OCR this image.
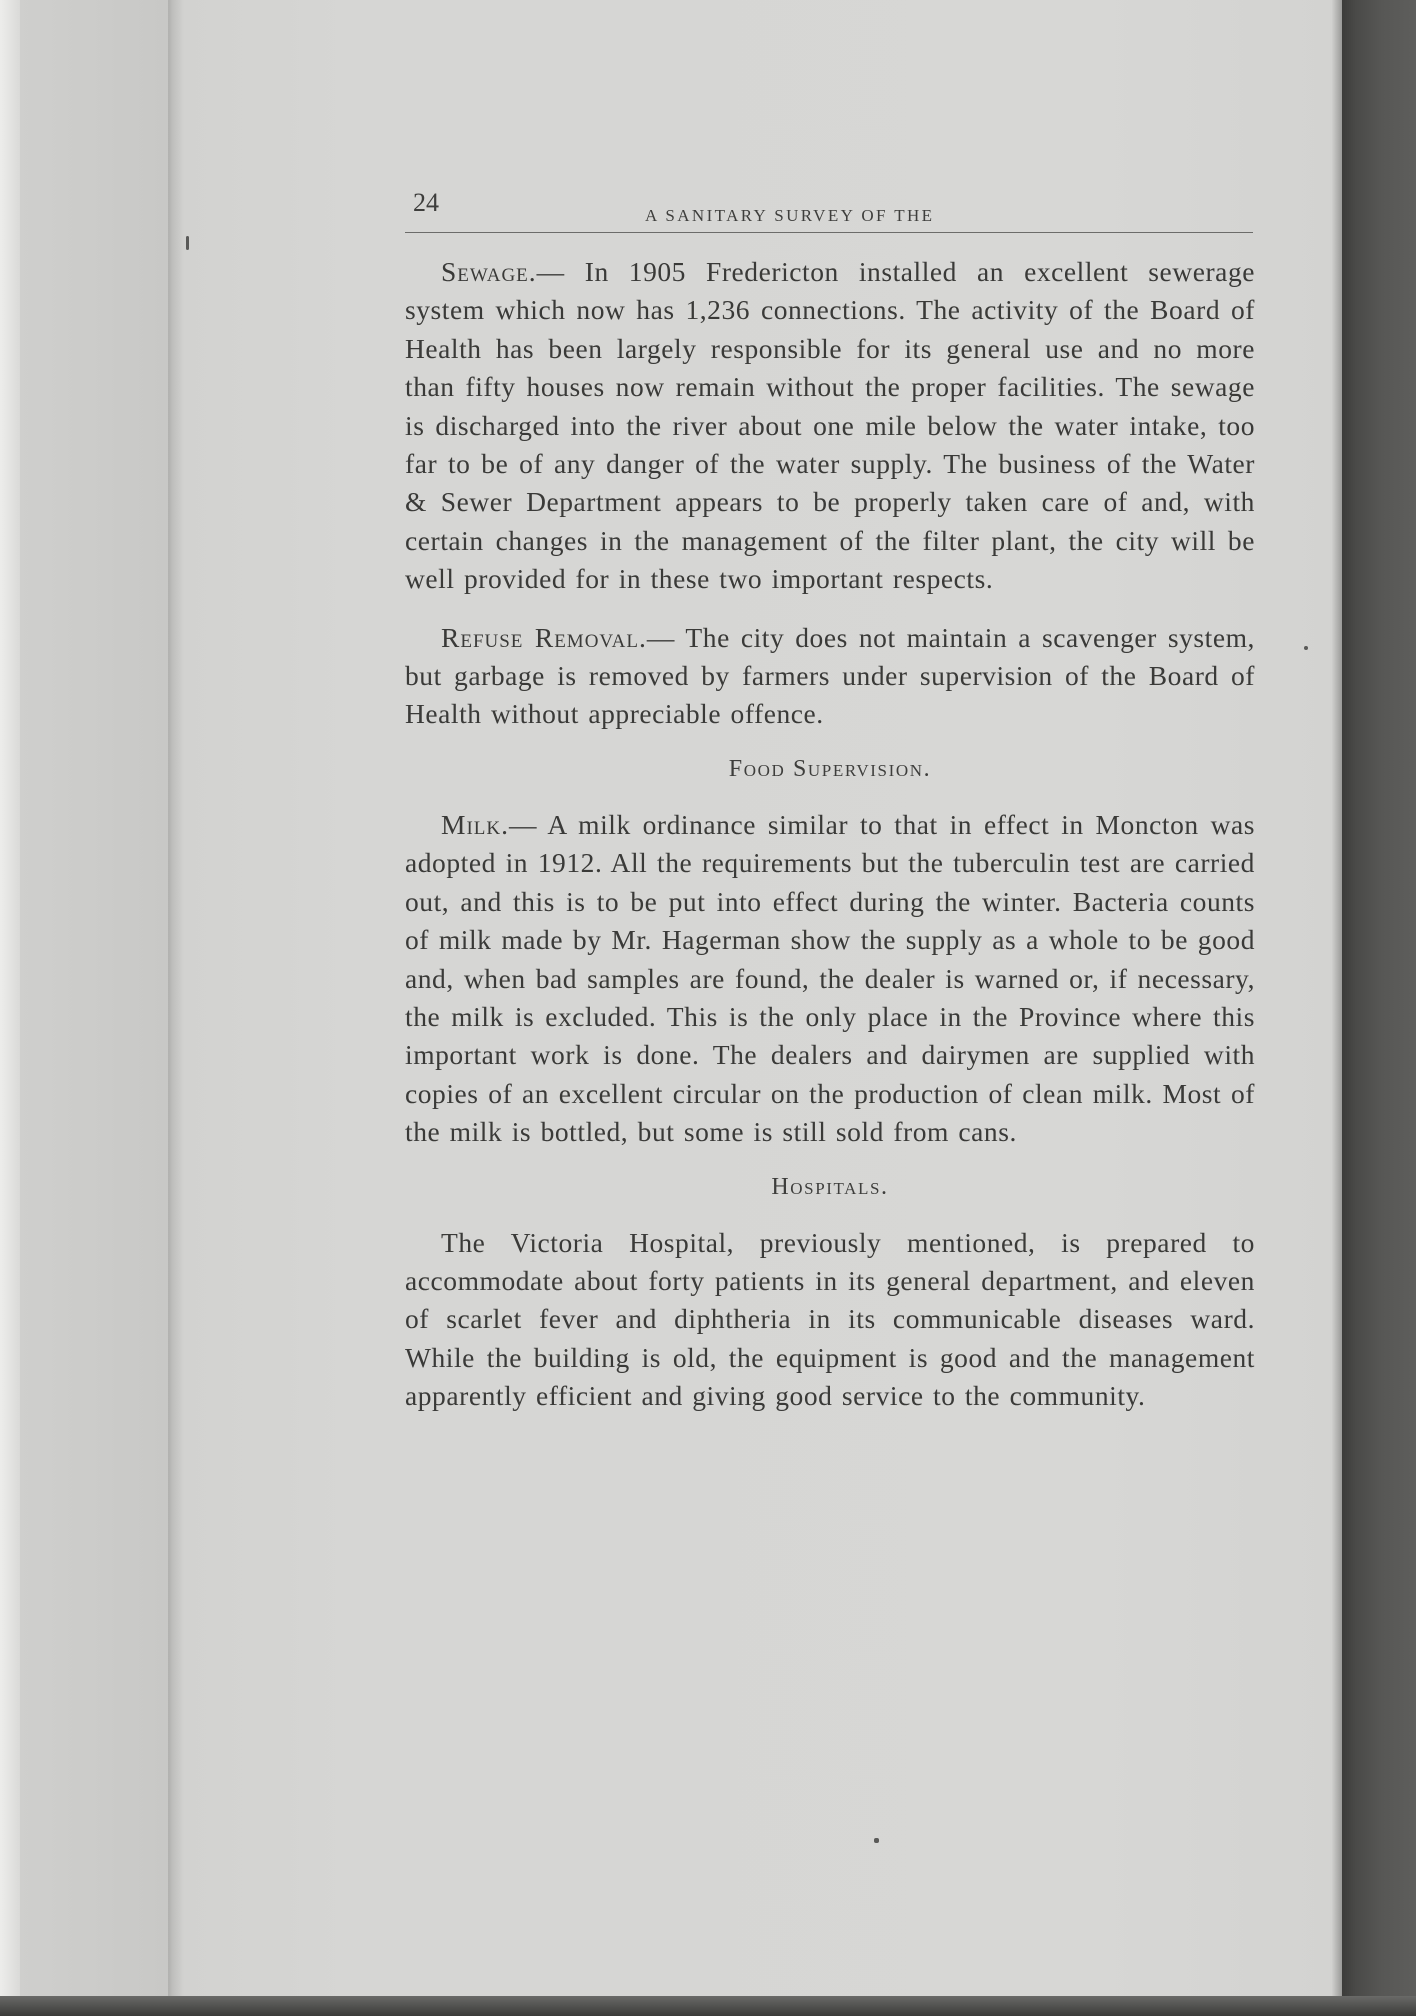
24	A SANITARY SURVEY OF THE

Sewage.— In 1905 Fredericton installed an excellent sewerage system which now has 1,236 connections. The activity of the Board of Health has been largely responsible for its general use and no more than fifty houses now remain without the proper facilities. The sewage is discharged into the river about one mile below the water intake, too far to be of any danger of the water supply. The business of the Water & Sewer Department appears to be properly taken care of and, with certain changes in the management of the filter plant, the city will be well provided for in these two important respects.

Refuse Removal.— The city does not maintain a scavenger system, but garbage is removed by farmers under supervision of the Board of Health without appreciable offence.

Food Supervision.

Milk.— A milk ordinance similar to that in effect in Moncton was adopted in 1912. All the requirements but the tuberculin test are carried out, and this is to be put into effect during the winter. Bacteria counts of milk made by Mr. Hagerman show the supply as a whole to be good and, when bad samples are found, the dealer is warned or, if necessary, the milk is excluded. This is the only place in the Province where this important work is done. The dealers and dairymen are supplied with copies of an excellent circular on the production of clean milk. Most of the milk is bottled, but some is still sold from cans.

Hospitals.

The Victoria Hospital, previously mentioned, is prepared to accommodate about forty patients in its general department, and eleven of scarlet fever and diphtheria in its communicable diseases ward. While the building is old, the equipment is good and the management apparently efficient and giving good service to the community.
